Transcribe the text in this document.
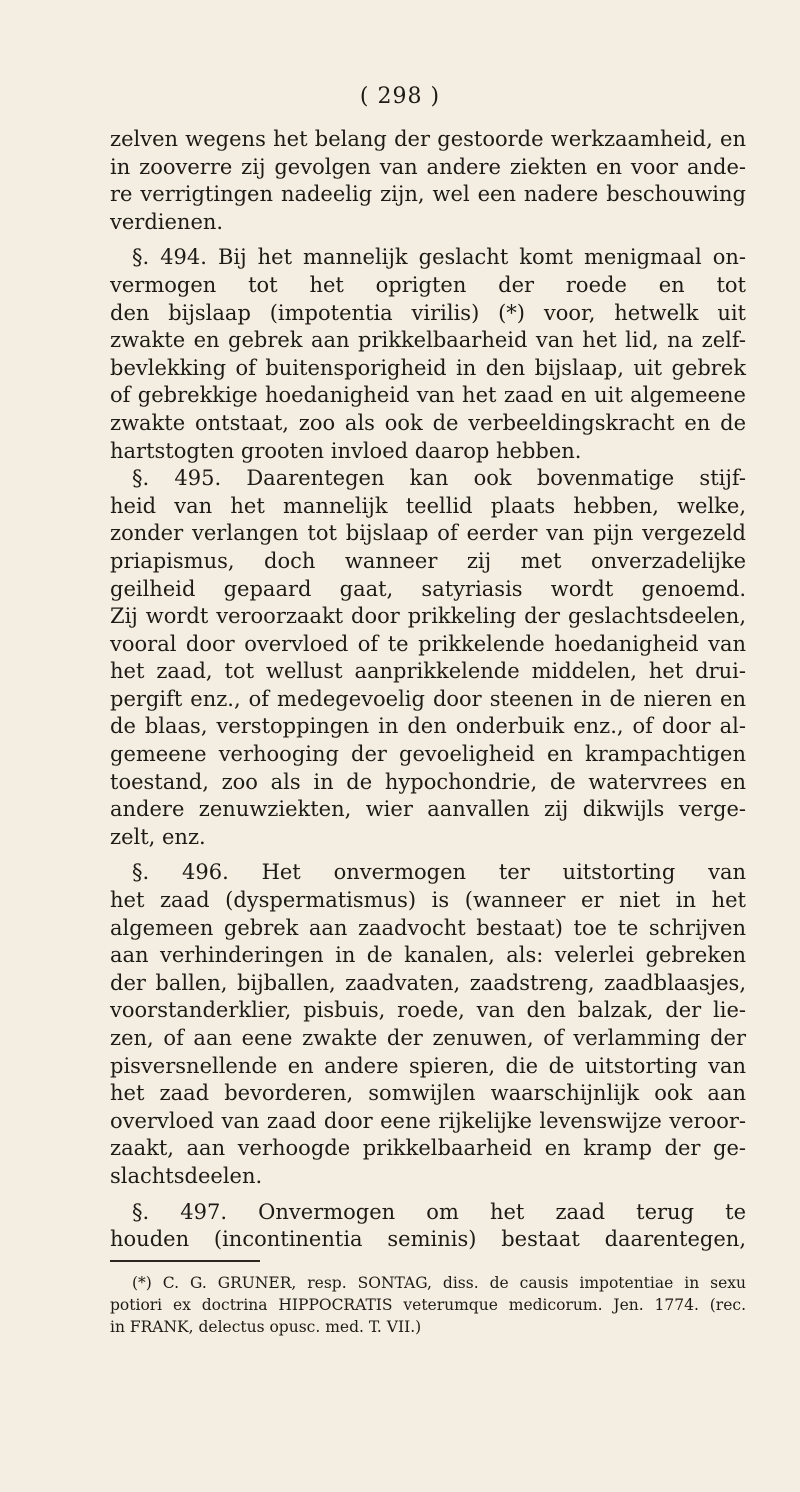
( 298 )
zelven wegens het belang der gestoorde werkzaamheid, en
in zooverre zij gevolgen van andere ziekten en voor ande-
re verrigtingen nadeelig zijn, wel een nadere beschouwing
verdienen.
§. 494. Bij het mannelijk geslacht komt menigmaal on-
vermogen tot het oprigten der roede en tot
den bijslaap (impotentia virilis) (*) voor, hetwelk uit
zwakte en gebrek aan prikkelbaarheid van het lid, na zelf-
bevlekking of buitensporigheid in den bijslaap, uit gebrek
of gebrekkige hoedanigheid van het zaad en uit algemeene
zwakte ontstaat, zoo als ook de verbeeldingskracht en de
hartstogten grooten invloed daarop hebben.
§. 495. Daarentegen kan ook bovenmatige stijf-
heid van het mannelijk teellid plaats hebben, welke,
zonder verlangen tot bijslaap of eerder van pijn vergezeld
priapismus, doch wanneer zij met onverzadelijke
geilheid gepaard gaat, satyriasis wordt genoemd.
Zij wordt veroorzaakt door prikkeling der geslachtsdeelen,
vooral door overvloed of te prikkelende hoedanigheid van
het zaad, tot wellust aanprikkelende middelen, het drui-
pergift enz., of medegevoelig door steenen in de nieren en
de blaas, verstoppingen in den onderbuik enz., of door al-
gemeene verhooging der gevoeligheid en krampachtigen
toestand, zoo als in de hypochondrie, de watervrees en
andere zenuwziekten, wier aanvallen zij dikwijls verge-
zelt, enz.
§. 496. Het onvermogen ter uitstorting van
het zaad (dyspermatismus) is (wanneer er niet in het
algemeen gebrek aan zaadvocht bestaat) toe te schrijven
aan verhinderingen in de kanalen, als: velerlei gebreken
der ballen, bijballen, zaadvaten, zaadstreng, zaadblaasjes,
voorstanderklier, pisbuis, roede, van den balzak, der lie-
zen, of aan eene zwakte der zenuwen, of verlamming der
pisversnellende en andere spieren, die de uitstorting van
het zaad bevorderen, somwijlen waarschijnlijk ook aan
overvloed van zaad door eene rijkelijke levenswijze veroor-
zaakt, aan verhoogde prikkelbaarheid en kramp der ge-
slachtsdeelen.
§. 497. Onvermogen om het zaad terug te
houden (incontinentia seminis) bestaat daarentegen,
(*) C. G. GRUNER, resp. SONTAG, diss. de causis impotentiae in sexu
potiori ex doctrina HIPPOCRATIS veterumque medicorum. Jen. 1774. (rec.
in FRANK, delectus opusc. med. T. VII.)
